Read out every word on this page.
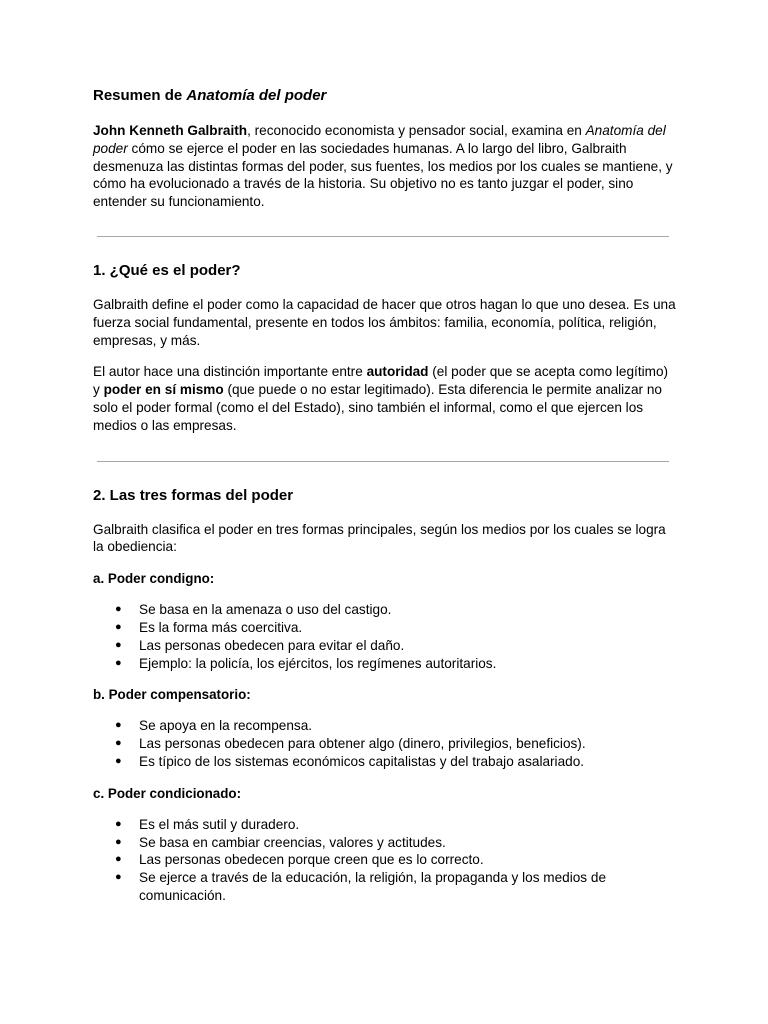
Resumen de Anatomía del poder

John Kenneth Galbraith, reconocido economista y pensador social, examina en Anatomía del poder cómo se ejerce el poder en las sociedades humanas. A lo largo del libro, Galbraith desmenuza las distintas formas del poder, sus fuentes, los medios por los cuales se mantiene, y cómo ha evolucionado a través de la historia. Su objetivo no es tanto juzgar el poder, sino entender su funcionamiento.

1. ¿Qué es el poder?

Galbraith define el poder como la capacidad de hacer que otros hagan lo que uno desea. Es una fuerza social fundamental, presente en todos los ámbitos: familia, economía, política, religión, empresas, y más.

El autor hace una distinción importante entre autoridad (el poder que se acepta como legítimo) y poder en sí mismo (que puede o no estar legitimado). Esta diferencia le permite analizar no solo el poder formal (como el del Estado), sino también el informal, como el que ejercen los medios o las empresas.

2. Las tres formas del poder

Galbraith clasifica el poder en tres formas principales, según los medios por los cuales se logra la obediencia:

a. Poder condigno:

● Se basa en la amenaza o uso del castigo.
● Es la forma más coercitiva.
● Las personas obedecen para evitar el daño.
● Ejemplo: la policía, los ejércitos, los regímenes autoritarios.

b. Poder compensatorio:

● Se apoya en la recompensa.
● Las personas obedecen para obtener algo (dinero, privilegios, beneficios).
● Es típico de los sistemas económicos capitalistas y del trabajo asalariado.

c. Poder condicionado:

● Es el más sutil y duradero.
● Se basa en cambiar creencias, valores y actitudes.
● Las personas obedecen porque creen que es lo correcto.
● Se ejerce a través de la educación, la religión, la propaganda y los medios de comunicación.
